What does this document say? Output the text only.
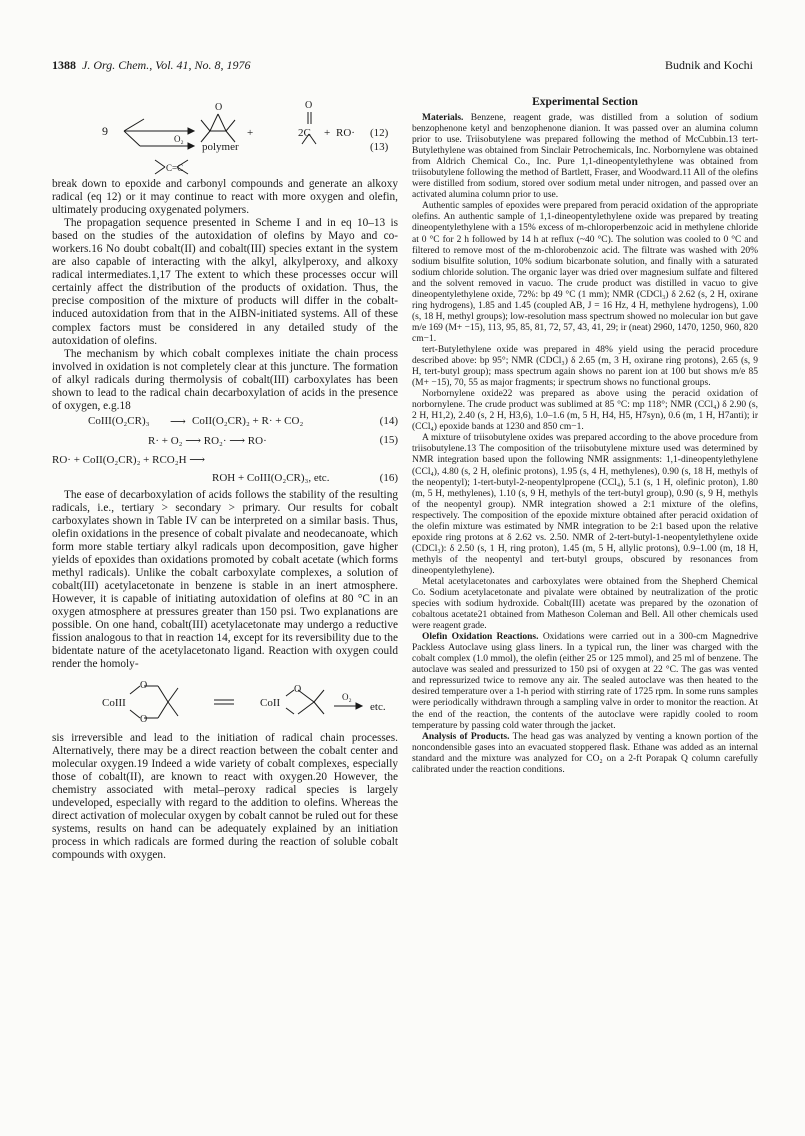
1388 J. Org. Chem., Vol. 41, No. 8, 1976	Budnik and Kochi
9
O₂
O
+
O
2C + RO· (12)
polymer	(13)
C=C

break down to epoxide and carbonyl compounds and generate an alkoxy radical (eq 12) or it may continue to react with more oxygen and olefin, ultimately producing oxygenated polymers.

The propagation sequence presented in Scheme I and in eq 10–13 is based on the studies of the autoxidation of olefins by Mayo and co-workers.16 No doubt cobalt(II) and cobalt(III) species extant in the system are also capable of interacting with the alkyl, alkylperoxy, and alkoxy radical intermediates.1,17 The extent to which these processes occur will certainly affect the distribution of the products of oxidation. Thus, the precise composition of the mixture of products will differ in the cobalt-induced autoxidation from that in the AIBN-initiated systems. All of these complex factors must be considered in any detailed study of the autoxidation of olefins.

The mechanism by which cobalt complexes initiate the chain process involved in oxidation is not completely clear at this juncture. The formation of alkyl radicals during thermolysis of cobalt(III) carboxylates has been shown to lead to the radical chain decarboxylation of acids in the presence of oxygen, e.g.18

CoIII(O₂CR)₃ ⟶ CoII(O₂CR)₂ + R· + CO₂	(14)
R· + O₂ ⟶ RO₂· ⟶ RO·	(15)
RO· + CoII(O₂CR)₂ + RCO₂H ⟶
ROH + CoIII(O₂CR)₃, etc.	(16)

The ease of decarboxylation of acids follows the stability of the resulting radicals, i.e., tertiary > secondary > primary. Our results for cobalt carboxylates shown in Table IV can be interpreted on a similar basis. Thus, olefin oxidations in the presence of cobalt pivalate and neodecanoate, which form more stable tertiary alkyl radicals upon decomposition, gave higher yields of epoxides than oxidations promoted by cobalt acetate (which forms methyl radicals). Unlike the cobalt carboxylate complexes, a solution of cobalt(III) acetylacetonate in benzene is stable in an inert atmosphere. However, it is capable of initiating autoxidation of olefins at 80 °C in an oxygen atmosphere at pressures greater than 150 psi. Two explanations are possible. On one hand, cobalt(III) acetylacetonate may undergo a reductive fission analogous to that in reaction 14, except for its reversibility due to the bidentate nature of the acetylacetonato ligand. Reaction with oxygen could render the homoly-

CoIII
O
O
CoII
O
O₂
etc.

sis irreversible and lead to the initiation of radical chain processes. Alternatively, there may be a direct reaction between the cobalt center and molecular oxygen.19 Indeed a wide variety of cobalt complexes, especially those of cobalt(II), are known to react with oxygen.20 However, the chemistry associated with metal–peroxy radical species is largely undeveloped, especially with regard to the addition to olefins. Whereas the direct activation of molecular oxygen by cobalt cannot be ruled out for these systems, results on hand can be adequately explained by an initiation process in which radicals are formed during the reaction of soluble cobalt compounds with oxygen.

Experimental Section

Materials. Benzene, reagent grade, was distilled from a solution of sodium benzophenone ketyl and benzophenone dianion. It was passed over an alumina column prior to use. Triisobutylene was prepared following the method of McCubbin.13 tert-Butylethylene was obtained from Sinclair Petrochemicals, Inc. Norbornylene was obtained from Aldrich Chemical Co., Inc. Pure 1,1-dineopentylethylene was obtained from triisobutylene following the method of Bartlett, Fraser, and Woodward.11 All of the olefins were distilled from sodium, stored over sodium metal under nitrogen, and passed over an activated alumina column prior to use.

Authentic samples of epoxides were prepared from peracid oxidation of the appropriate olefins. An authentic sample of 1,1-dineopentylethylene oxide was prepared by treating dineopentylethylene with a 15% excess of m-chloroperbenzoic acid in methylene chloride at 0 °C for 2 h followed by 14 h at reflux (~40 °C). The solution was cooled to 0 °C and filtered to remove most of the m-chlorobenzoic acid. The filtrate was washed with 20% sodium bisulfite solution, 10% sodium bicarbonate solution, and finally with a saturated sodium chloride solution. The organic layer was dried over magnesium sulfate and filtered and the solvent removed in vacuo. The crude product was distilled in vacuo to give dineopentylethylene oxide, 72%: bp 49 °C (1 mm); NMR (CDCl₃) δ 2.62 (s, 2 H, oxirane ring hydrogens), 1.85 and 1.45 (coupled AB, J = 16 Hz, 4 H, methylene hydrogens), 1.00 (s, 18 H, methyl groups); low-resolution mass spectrum showed no molecular ion but gave m/e 169 (M+ −15), 113, 95, 85, 81, 72, 57, 43, 41, 29; ir (neat) 2960, 1470, 1250, 960, 820 cm−1.

tert-Butylethylene oxide was prepared in 48% yield using the peracid procedure described above: bp 95°; NMR (CDCl₃) δ 2.65 (m, 3 H, oxirane ring protons), 2.65 (s, 9 H, tert-butyl group); mass spectrum again shows no parent ion at 100 but shows m/e 85 (M+ −15), 70, 55 as major fragments; ir spectrum shows no functional groups.

Norbornylene oxide22 was prepared as above using the peracid oxidation of norbornylene. The crude product was sublimed at 85 °C: mp 118°; NMR (CCl₄) δ 2.90 (s, 2 H, H1,2), 2.40 (s, 2 H, H3,6), 1.0–1.6 (m, 5 H, H4, H5, H7syn), 0.6 (m, 1 H, H7anti); ir (CCl₄) epoxide bands at 1230 and 850 cm−1.

A mixture of triisobutylene oxides was prepared according to the above procedure from triisobutylene.13 The composition of the triisobutylene mixture used was determined by NMR integration based upon the following NMR assignments: 1,1-dineopentylethylene (CCl₄), 4.80 (s, 2 H, olefinic protons), 1.95 (s, 4 H, methylenes), 0.90 (s, 18 H, methyls of the neopentyl); 1-tert-butyl-2-neopentylpropene (CCl₄), 5.1 (s, 1 H, olefinic proton), 1.80 (m, 5 H, methylenes), 1.10 (s, 9 H, methyls of the tert-butyl group), 0.90 (s, 9 H, methyls of the neopentyl group). NMR integration showed a 2:1 mixture of the olefins, respectively. The composition of the epoxide mixture obtained after peracid oxidation of the olefin mixture was estimated by NMR integration to be 2:1 based upon the relative epoxide ring protons at δ 2.62 vs. 2.50. NMR of 2-tert-butyl-1-neopentylethylene oxide (CDCl₃): δ 2.50 (s, 1 H, ring proton), 1.45 (m, 5 H, allylic protons), 0.9–1.00 (m, 18 H, methyls of the neopentyl and tert-butyl groups, obscured by resonances from dineopentylethylene).

Metal acetylacetonates and carboxylates were obtained from the Shepherd Chemical Co. Sodium acetylacetonate and pivalate were obtained by neutralization of the protic species with sodium hydroxide. Cobalt(III) acetate was prepared by the ozonation of cobaltous acetate21 obtained from Matheson Coleman and Bell. All other chemicals used were reagent grade.

Olefin Oxidation Reactions. Oxidations were carried out in a 300-cm Magnedrive Packless Autoclave using glass liners. In a typical run, the liner was charged with the cobalt complex (1.0 mmol), the olefin (either 25 or 125 mmol), and 25 ml of benzene. The autoclave was sealed and pressurized to 150 psi of oxygen at 22 °C. The gas was vented and repressurized twice to remove any air. The sealed autoclave was then heated to the desired temperature over a 1-h period with stirring rate of 1725 rpm. In some runs samples were periodically withdrawn through a sampling valve in order to monitor the reaction. At the end of the reaction, the contents of the autoclave were rapidly cooled to room temperature by passing cold water through the jacket.

Analysis of Products. The head gas was analyzed by venting a known portion of the noncondensible gases into an evacuated stoppered flask. Ethane was added as an internal standard and the mixture was analyzed for CO₂ on a 2-ft Porapak Q column carefully calibrated under the reaction conditions.
